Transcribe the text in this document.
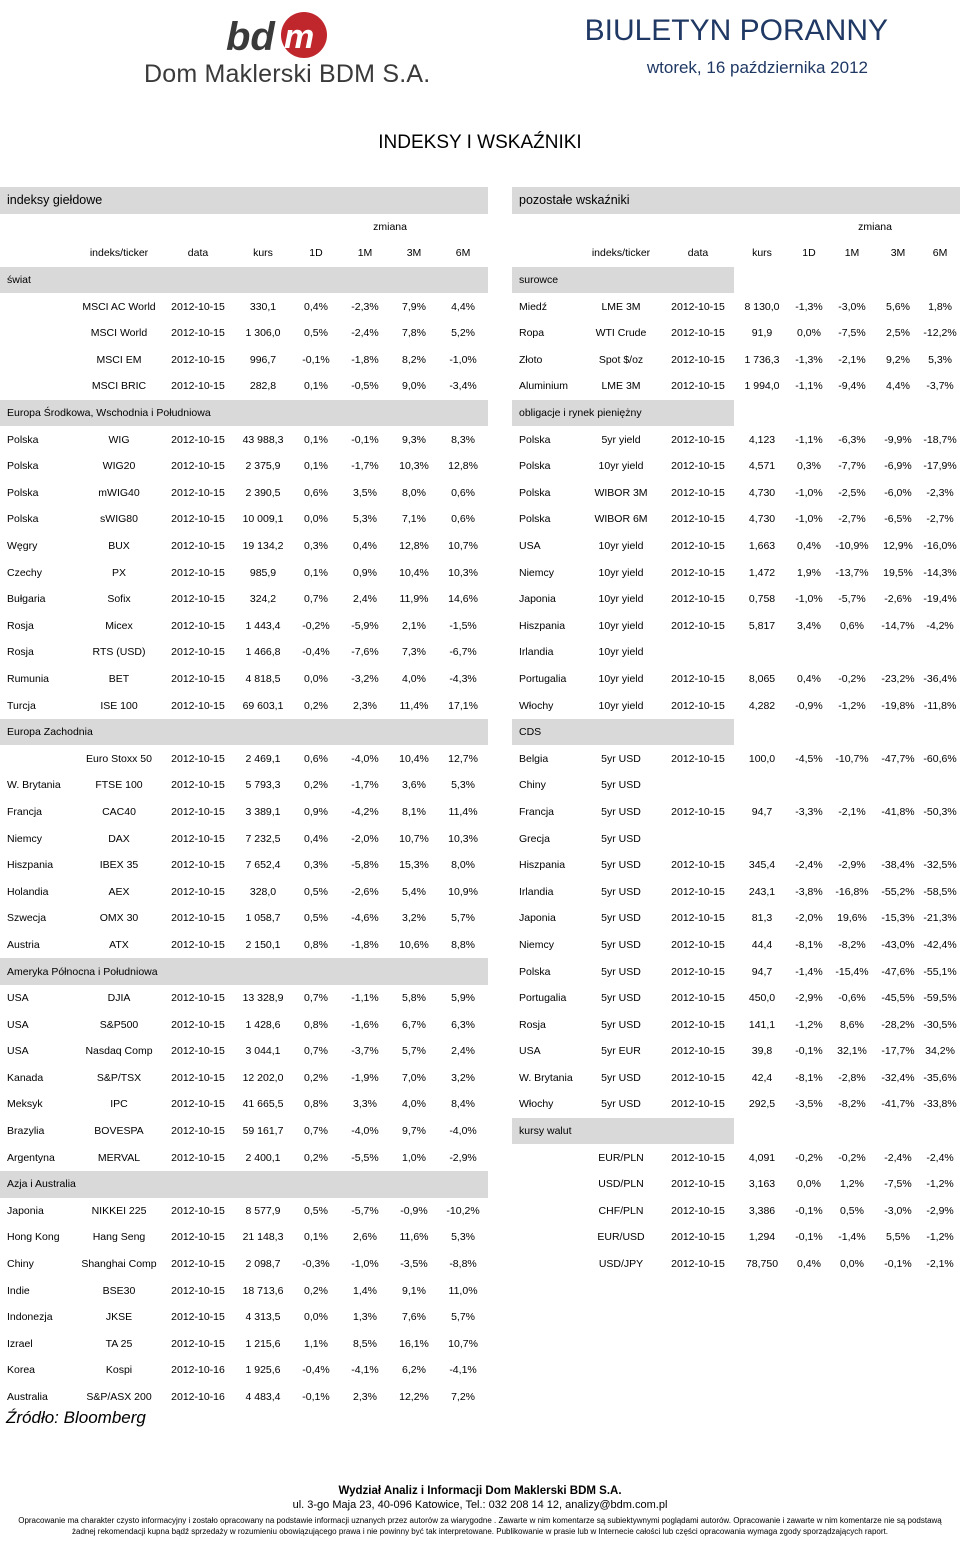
bd m
Dom Maklerski BDM S.A.
BIULETYN PORANNY
wtorek, 16 października 2012
INDEKSY I WSKAŹNIKI
indeksy giełdowe							
				zmiana			
	indeks/ticker	data	kurs	1D	1M	3M	6M
świat							
	MSCI AC World	2012-10-15	330,1	0,4%	-2,3%	7,9%	4,4%
	MSCI World	2012-10-15	1 306,0	0,5%	-2,4%	7,8%	5,2%
	MSCI EM	2012-10-15	996,7	-0,1%	-1,8%	8,2%	-1,0%
	MSCI BRIC	2012-10-15	282,8	0,1%	-0,5%	9,0%	-3,4%
Europa Środkowa, Wschodnia i Południowa							
Polska	WIG	2012-10-15	43 988,3	0,1%	-0,1%	9,3%	8,3%
Polska	WIG20	2012-10-15	2 375,9	0,1%	-1,7%	10,3%	12,8%
Polska	mWIG40	2012-10-15	2 390,5	0,6%	3,5%	8,0%	0,6%
Polska	sWIG80	2012-10-15	10 009,1	0,0%	5,3%	7,1%	0,6%
Węgry	BUX	2012-10-15	19 134,2	0,3%	0,4%	12,8%	10,7%
Czechy	PX	2012-10-15	985,9	0,1%	0,9%	10,4%	10,3%
Bułgaria	Sofix	2012-10-15	324,2	0,7%	2,4%	11,9%	14,6%
Rosja	Micex	2012-10-15	1 443,4	-0,2%	-5,9%	2,1%	-1,5%
Rosja	RTS (USD)	2012-10-15	1 466,8	-0,4%	-7,6%	7,3%	-6,7%
Rumunia	BET	2012-10-15	4 818,5	0,0%	-3,2%	4,0%	-4,3%
Turcja	ISE 100	2012-10-15	69 603,1	0,2%	2,3%	11,4%	17,1%
Europa Zachodnia							
	Euro Stoxx 50	2012-10-15	2 469,1	0,6%	-4,0%	10,4%	12,7%
W. Brytania	FTSE 100	2012-10-15	5 793,3	0,2%	-1,7%	3,6%	5,3%
Francja	CAC40	2012-10-15	3 389,1	0,9%	-4,2%	8,1%	11,4%
Niemcy	DAX	2012-10-15	7 232,5	0,4%	-2,0%	10,7%	10,3%
Hiszpania	IBEX 35	2012-10-15	7 652,4	0,3%	-5,8%	15,3%	8,0%
Holandia	AEX	2012-10-15	328,0	0,5%	-2,6%	5,4%	10,9%
Szwecja	OMX 30	2012-10-15	1 058,7	0,5%	-4,6%	3,2%	5,7%
Austria	ATX	2012-10-15	2 150,1	0,8%	-1,8%	10,6%	8,8%
Ameryka Północna i Południowa							
USA	DJIA	2012-10-15	13 328,9	0,7%	-1,1%	5,8%	5,9%
USA	S&P500	2012-10-15	1 428,6	0,8%	-1,6%	6,7%	6,3%
USA	Nasdaq Comp	2012-10-15	3 044,1	0,7%	-3,7%	5,7%	2,4%
Kanada	S&P/TSX	2012-10-15	12 202,0	0,2%	-1,9%	7,0%	3,2%
Meksyk	IPC	2012-10-15	41 665,5	0,8%	3,3%	4,0%	8,4%
Brazylia	BOVESPA	2012-10-15	59 161,7	0,7%	-4,0%	9,7%	-4,0%
Argentyna	MERVAL	2012-10-15	2 400,1	0,2%	-5,5%	1,0%	-2,9%
Azja i Australia							
Japonia	NIKKEI 225	2012-10-15	8 577,9	0,5%	-5,7%	-0,9%	-10,2%
Hong Kong	Hang Seng	2012-10-15	21 148,3	0,1%	2,6%	11,6%	5,3%
Chiny	Shanghai Comp	2012-10-15	2 098,7	-0,3%	-1,0%	-3,5%	-8,8%
Indie	BSE30	2012-10-15	18 713,6	0,2%	1,4%	9,1%	11,0%
Indonezja	JKSE	2012-10-15	4 313,5	0,0%	1,3%	7,6%	5,7%
Izrael	TA 25	2012-10-15	1 215,6	1,1%	8,5%	16,1%	10,7%
Korea	Kospi	2012-10-16	1 925,6	-0,4%	-4,1%	6,2%	-4,1%
Australia	S&P/ASX 200	2012-10-16	4 483,4	-0,1%	2,3%	12,2%	7,2%
pozostałe wskaźniki							
				zmiana			
	indeks/ticker	data	kurs	1D	1M	3M	6M
surowce							
Miedź	LME 3M	2012-10-15	8 130,0	-1,3%	-3,0%	5,6%	1,8%
Ropa	WTI Crude	2012-10-15	91,9	0,0%	-7,5%	2,5%	-12,2%
Złoto	Spot $/oz	2012-10-15	1 736,3	-1,3%	-2,1%	9,2%	5,3%
Aluminium	LME 3M	2012-10-15	1 994,0	-1,1%	-9,4%	4,4%	-3,7%
obligacje i rynek pieniężny							
Polska	5yr yield	2012-10-15	4,123	-1,1%	-6,3%	-9,9%	-18,7%
Polska	10yr yield	2012-10-15	4,571	0,3%	-7,7%	-6,9%	-17,9%
Polska	WIBOR 3M	2012-10-15	4,730	-1,0%	-2,5%	-6,0%	-2,3%
Polska	WIBOR 6M	2012-10-15	4,730	-1,0%	-2,7%	-6,5%	-2,7%
USA	10yr yield	2012-10-15	1,663	0,4%	-10,9%	12,9%	-16,0%
Niemcy	10yr yield	2012-10-15	1,472	1,9%	-13,7%	19,5%	-14,3%
Japonia	10yr yield	2012-10-15	0,758	-1,0%	-5,7%	-2,6%	-19,4%
Hiszpania	10yr yield	2012-10-15	5,817	3,4%	0,6%	-14,7%	-4,2%
Irlandia	10yr yield						
Portugalia	10yr yield	2012-10-15	8,065	0,4%	-0,2%	-23,2%	-36,4%
Włochy	10yr yield	2012-10-15	4,282	-0,9%	-1,2%	-19,8%	-11,8%
CDS							
Belgia	5yr USD	2012-10-15	100,0	-4,5%	-10,7%	-47,7%	-60,6%
Chiny	5yr USD						
Francja	5yr USD	2012-10-15	94,7	-3,3%	-2,1%	-41,8%	-50,3%
Grecja	5yr USD						
Hiszpania	5yr USD	2012-10-15	345,4	-2,4%	-2,9%	-38,4%	-32,5%
Irlandia	5yr USD	2012-10-15	243,1	-3,8%	-16,8%	-55,2%	-58,5%
Japonia	5yr USD	2012-10-15	81,3	-2,0%	19,6%	-15,3%	-21,3%
Niemcy	5yr USD	2012-10-15	44,4	-8,1%	-8,2%	-43,0%	-42,4%
Polska	5yr USD	2012-10-15	94,7	-1,4%	-15,4%	-47,6%	-55,1%
Portugalia	5yr USD	2012-10-15	450,0	-2,9%	-0,6%	-45,5%	-59,5%
Rosja	5yr USD	2012-10-15	141,1	-1,2%	8,6%	-28,2%	-30,5%
USA	5yr EUR	2012-10-15	39,8	-0,1%	32,1%	-17,7%	34,2%
W. Brytania	5yr USD	2012-10-15	42,4	-8,1%	-2,8%	-32,4%	-35,6%
Włochy	5yr USD	2012-10-15	292,5	-3,5%	-8,2%	-41,7%	-33,8%
kursy walut							
	EUR/PLN	2012-10-15	4,091	-0,2%	-0,2%	-2,4%	-2,4%
	USD/PLN	2012-10-15	3,163	0,0%	1,2%	-7,5%	-1,2%
	CHF/PLN	2012-10-15	3,386	-0,1%	0,5%	-3,0%	-2,9%
	EUR/USD	2012-10-15	1,294	-0,1%	-1,4%	5,5%	-1,2%
	USD/JPY	2012-10-15	78,750	0,4%	0,0%	-0,1%	-2,1%
Źródło: Bloomberg
Wydział Analiz i Informacji Dom Maklerski BDM S.A.
ul. 3-go Maja 23, 40-096 Katowice, Tel.: 032 208 14 12, analizy@bdm.com.pl
Opracowanie ma charakter czysto informacyjny i zostało opracowany na podstawie informacji uznanych przez autorów za wiarygodne . Zawarte w nim komentarze są subiektywnymi poglądami autorów. Opracowanie i zawarte w nim komentarze nie są podstawą żadnej rekomendacji kupna bądź sprzedaży w rozumieniu obowiązującego prawa i nie powinny być tak interpretowane. Publikowanie w prasie lub w Internecie całości lub części opracowania wymaga zgody sporządzających raport.
